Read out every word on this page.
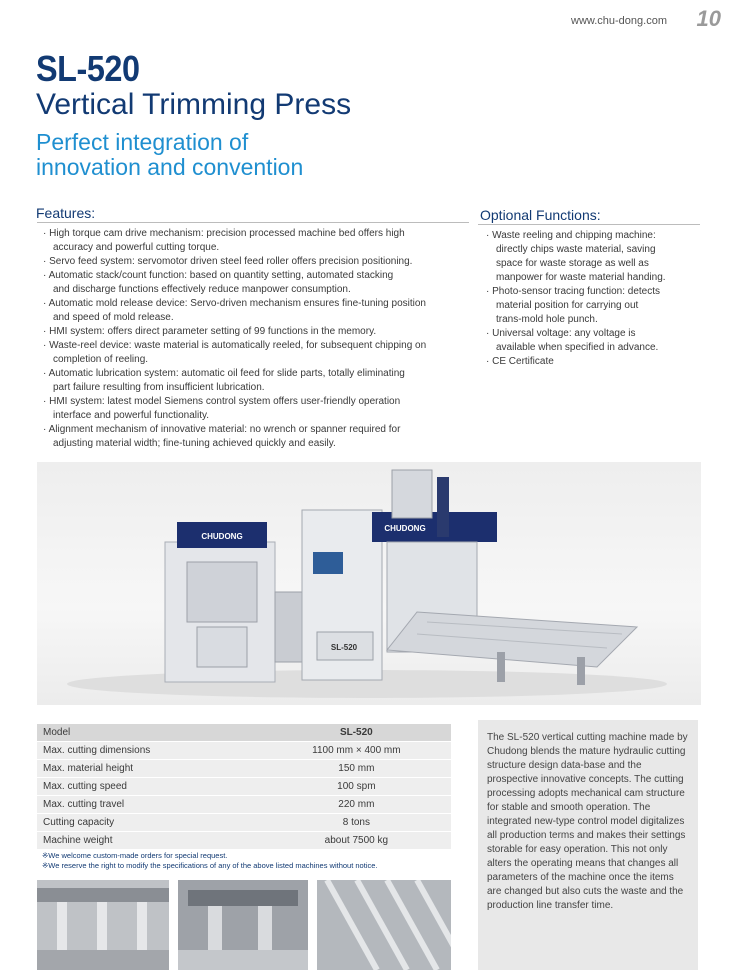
www.chu-dong.com 10
SL-520
Vertical Trimming Press
Perfect integration of
innovation and convention
Features:
· High torque cam drive mechanism: precision processed machine bed offers high
accuracy and powerful cutting torque.
· Servo feed system: servomotor driven steel feed roller offers precision positioning.
· Automatic stack/count function: based on quantity setting, automated stacking
and discharge functions effectively reduce manpower consumption.
· Automatic mold release device: Servo-driven mechanism ensures fine-tuning position
and speed of mold release.
· HMI system: offers direct parameter setting of 99 functions in the memory.
· Waste-reel device: waste material is automatically reeled, for subsequent chipping on
completion of reeling.
· Automatic lubrication system: automatic oil feed for slide parts, totally eliminating
part failure resulting from insufficient lubrication.
· HMI system: latest model Siemens control system offers user-friendly operation
interface and powerful functionality.
· Alignment mechanism of innovative material: no wrench or spanner required for
adjusting material width; fine-tuning achieved quickly and easily.
Optional Functions:
· Waste reeling and chipping machine:
directly chips waste material, saving
space for waste storage as well as
manpower for waste material handing.
· Photo-sensor tracing function: detects
material position for carrying out
trans-mold hole punch.
· Universal voltage: any voltage is
available when specified in advance.
· CE Certificate
CHUDONG
SL-520
CHUDONG
Model	SL-520
Max. cutting dimensions	1100 mm × 400 mm
Max. material height	150 mm
Max. cutting speed	100 spm
Max. cutting travel	220 mm
Cutting capacity	8 tons
Machine weight	about 7500 kg
※We welcome custom-made orders for special request.
※We reserve the right to modify the specifications of any of the above listed machines without notice.

The SL-520 vertical cutting machine made by Chudong blends the mature hydraulic cutting structure design data-base and the prospective innovative concepts. The cutting processing adopts mechanical cam structure for stable and smooth operation. The integrated new-type control model digitalizes all production terms and makes their settings storable for easy operation. This not only alters the operating means that changes all parameters of the machine once the items are changed but also cuts the waste and the production line transfer time.
